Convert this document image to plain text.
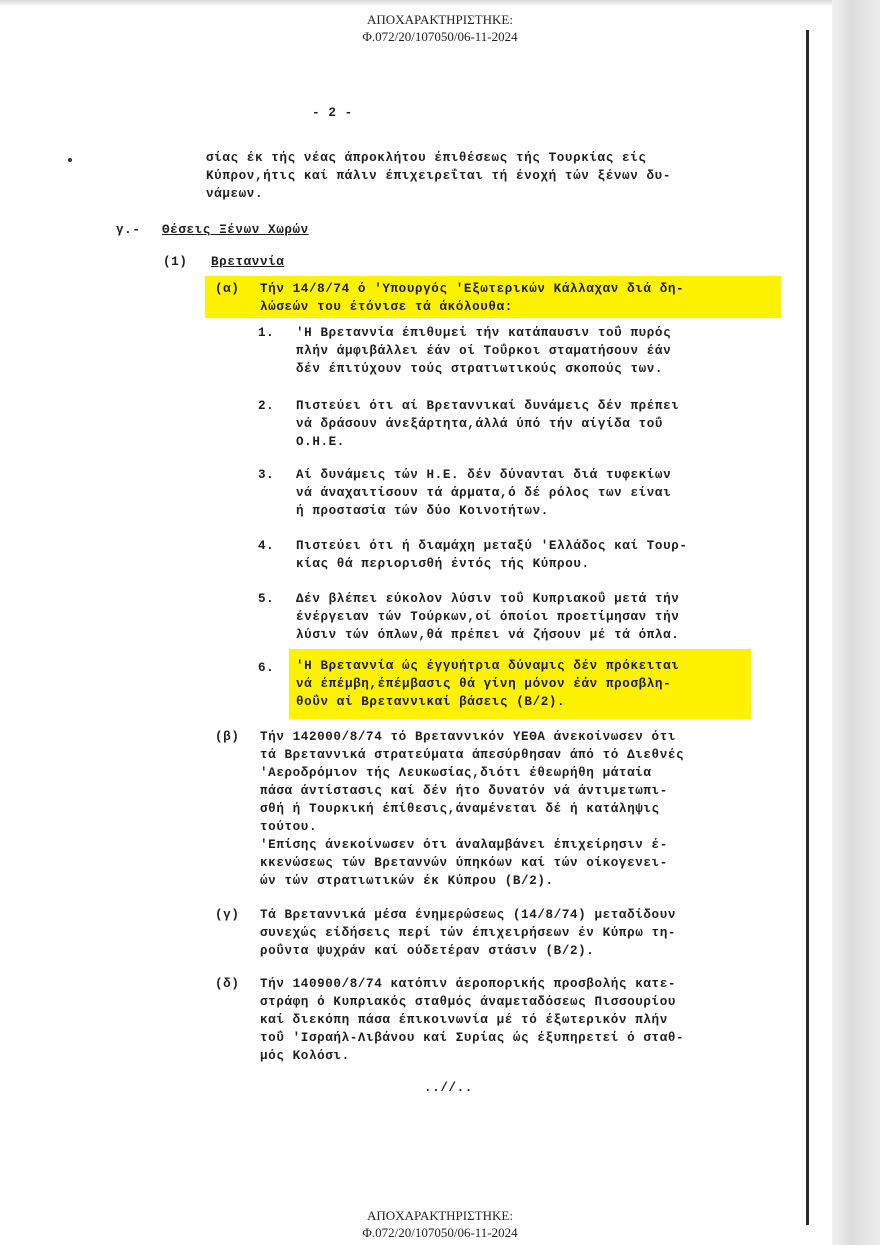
ΑΠΟΧΑΡΑΚΤΗΡΙΣΤΗΚΕ:
Φ.072/20/107050/06-11-2024
- 2 -
σίας έκ τής νέας άπροκλήτου έπιθέσεως τής Τουρκίας είς
Κύπρον,ήτις καί πάλιν έπιχειρεΐται τή ένοχή τών ξένων δυ-
νάμεων.
γ.- Θέσεις Ξένων Χωρών
(1) Βρεταννία
(α) Τήν 14/8/74 ό 'Υπουργός 'Εξωτερικών Κάλλαχαν διά δη-
λώσεών του έτόνισε τά άκόλουθα:
1. 'Η Βρεταννία έπιθυμεί τήν κατάπαυσιν τοΰ πυρός
πλήν άμφιβάλλει έάν οί Τοΰρκοι σταματήσουν έάν
δέν έπιτύχουν τούς στρατιωτικούς σκοπούς των.
2. Πιστεύει ότι αί Βρεταννικαί δυνάμεις δέν πρέπει
νά δράσουν άνεξάρτητα,άλλά ύπό τήν αίγίδα τοΰ
Ο.Η.Ε.
3. Αί δυνάμεις τών Η.Ε. δέν δύνανται διά τυφεκίων
νά άναχαιτίσουν τά άρματα,ό δέ ρόλος των είναι
ή προστασία τών δύο Κοινοτήτων.
4. Πιστεύει ότι ή διαμάχη μεταξύ 'Ελλάδος καί Τουρ-
κίας θά περιορισθή έντός τής Κύπρου.
5. Δέν βλέπει εύκολον λύσιν τοΰ Κυπριακοΰ μετά τήν
ένέργειαν τών Τούρκων,οί όποίοι προετίμησαν τήν
λύσιν τών όπλων,θά πρέπει νά ζήσουν μέ τά όπλα.
6. 'Η Βρεταννία ώς έγγυήτρια δύναμις δέν πρόκειται
νά έπέμβη,έπέμβασις θά γίνη μόνον έάν προσβλη-
θοΰν αί Βρεταννικαί βάσεις (Β/2).
(β) Τήν 142000/8/74 τό Βρεταννικόν ΥΕΘΑ άνεκοίνωσεν ότι
τά Βρεταννικά στρατεύματα άπεσύρθησαν άπό τό Διεθνές
'Αεροδρόμιον τής Λευκωσίας,διότι έθεωρήθη μάταία
πάσα άντίστασις καί δέν ήτο δυνατόν νά άντιμετωπι-
σθή ή Τουρκική έπίθεσις,άναμένεται δέ ή κατάληψις
τούτου.
'Επίσης άνεκοίνωσεν ότι άναλαμβάνει έπιχείρησιν έ-
κκενώσεως τών Βρεταννών ύπηκόων καί τών οίκογενει-
ών τών στρατιωτικών έκ Κύπρου (Β/2).
(γ) Τά Βρεταννικά μέσα ένημερώσεως (14/8/74) μεταδίδουν
συνεχώς είδήσεις περί τών έπιχειρήσεων έν Κύπρω τη-
ροΰντα ψυχράν καί ούδετέραν στάσιν (Β/2).
(δ) Τήν 140900/8/74 κατόπιν άεροπορικής προσβολής κατε-
στράφη ό Κυπριακός σταθμός άναμεταδόσεως Πισσουρίου
καί διεκόπη πάσα έπικοινωνία μέ τό έξωτερικόν πλήν
τοΰ 'Ισραήλ-Λιβάνου καί Συρίας ώς έξυπηρετεί ό σταθ-
μός Κολόσι.
..//..
ΑΠΟΧΑΡΑΚΤΗΡΙΣΤΗΚΕ:
Φ.072/20/107050/06-11-2024
